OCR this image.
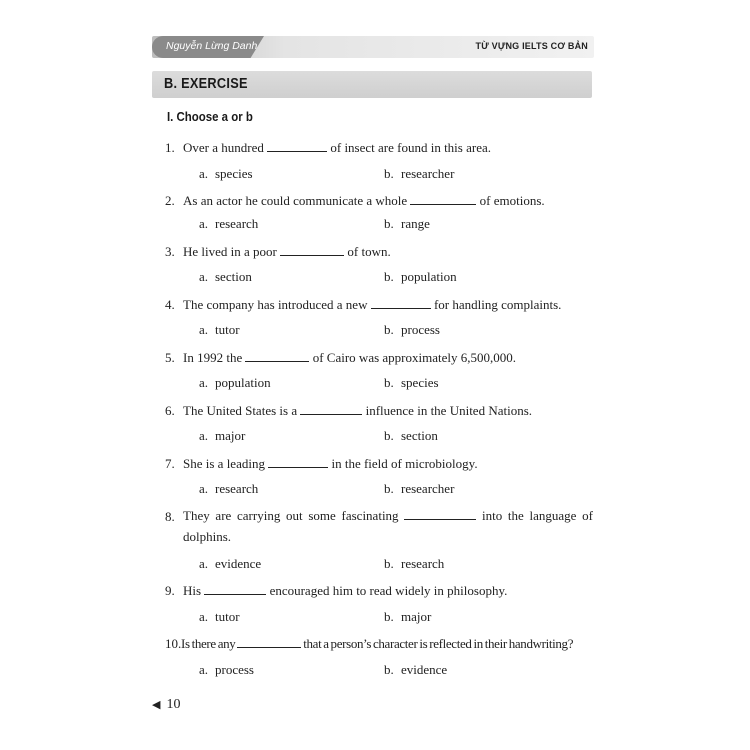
Nguyễn Lừng Danh	TỪ VỰNG IELTS CƠ BẢN
B. EXERCISE
I. Choose a or b
1. Over a hundred	of insect are found in this area.
a. species	b. researcher
2. As an actor he could communicate a whole	of emotions.
a. research	b. range
3. He lived in a poor	of town.
a. section	b. population
4. The company has introduced a new	for handling complaints.
a. tutor	b. process
5. In 1992 the	of Cairo was approximately 6,500,000.
a. population	b. species
6. The United States is a	influence in the United Nations.
a. major	b. section
7. She is a leading	in the field of microbiology.
a. research	b. researcher
8. They are carrying out some fascinating	into the language of dolphins.
a. evidence	b. research
9. His	encouraged him to read widely in philosophy.
a. tutor	b. major
10. Is there any	that a person’s character is reflected in their handwriting?
a. process	b. evidence
◀ 10
